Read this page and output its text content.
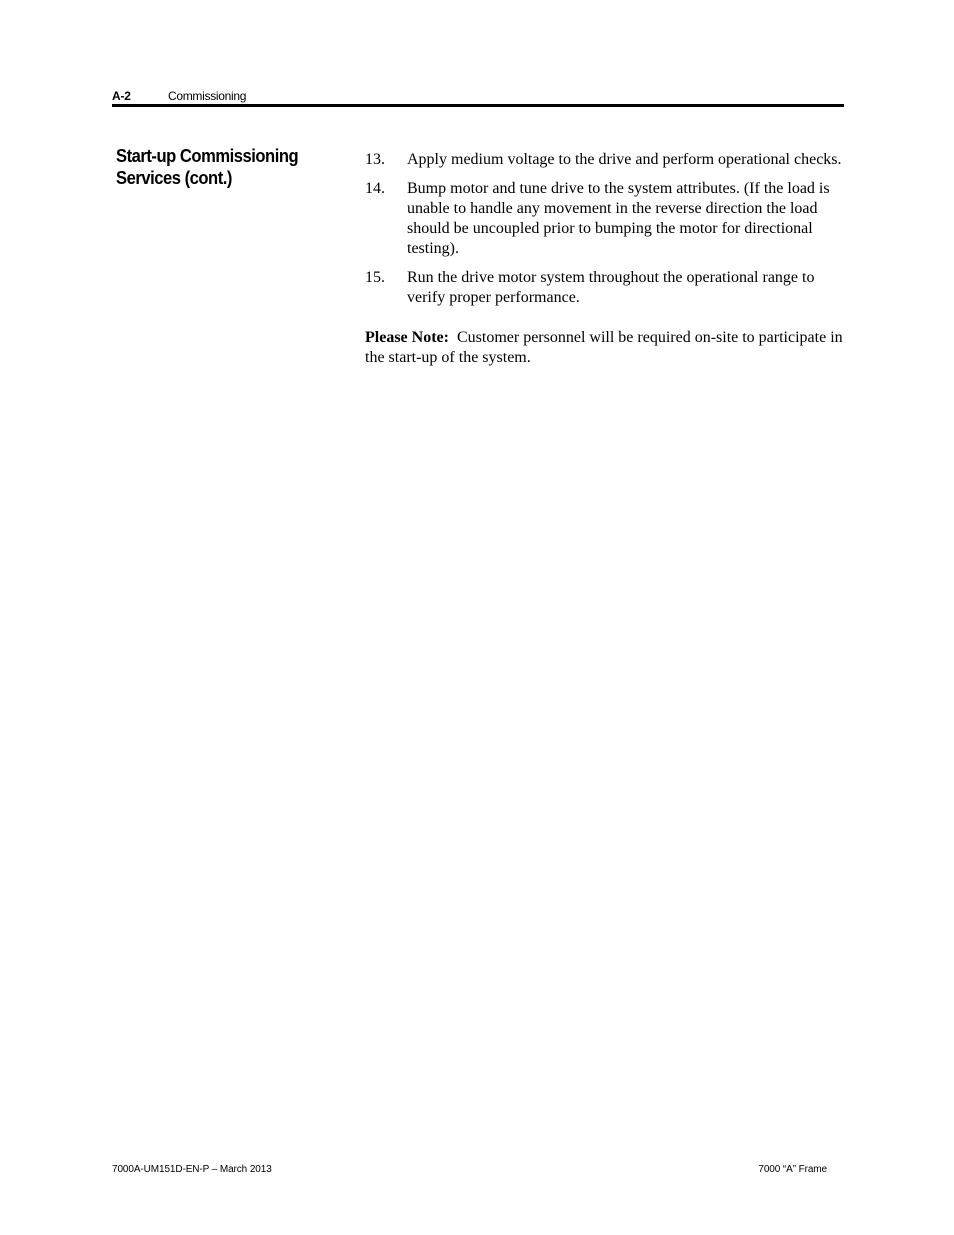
A-2	Commissioning
Start-up Commissioning
Services (cont.)
13.	Apply medium voltage to the drive and perform operational checks.
14.	Bump motor and tune drive to the system attributes. (If the load is unable to handle any movement in the reverse direction the load should be uncoupled prior to bumping the motor for directional testing).
15.	Run the drive motor system throughout the operational range to verify proper performance.
Please Note: Customer personnel will be required on-site to participate in the start-up of the system.
7000A-UM151D-EN-P – March 2013	7000 “A” Frame
